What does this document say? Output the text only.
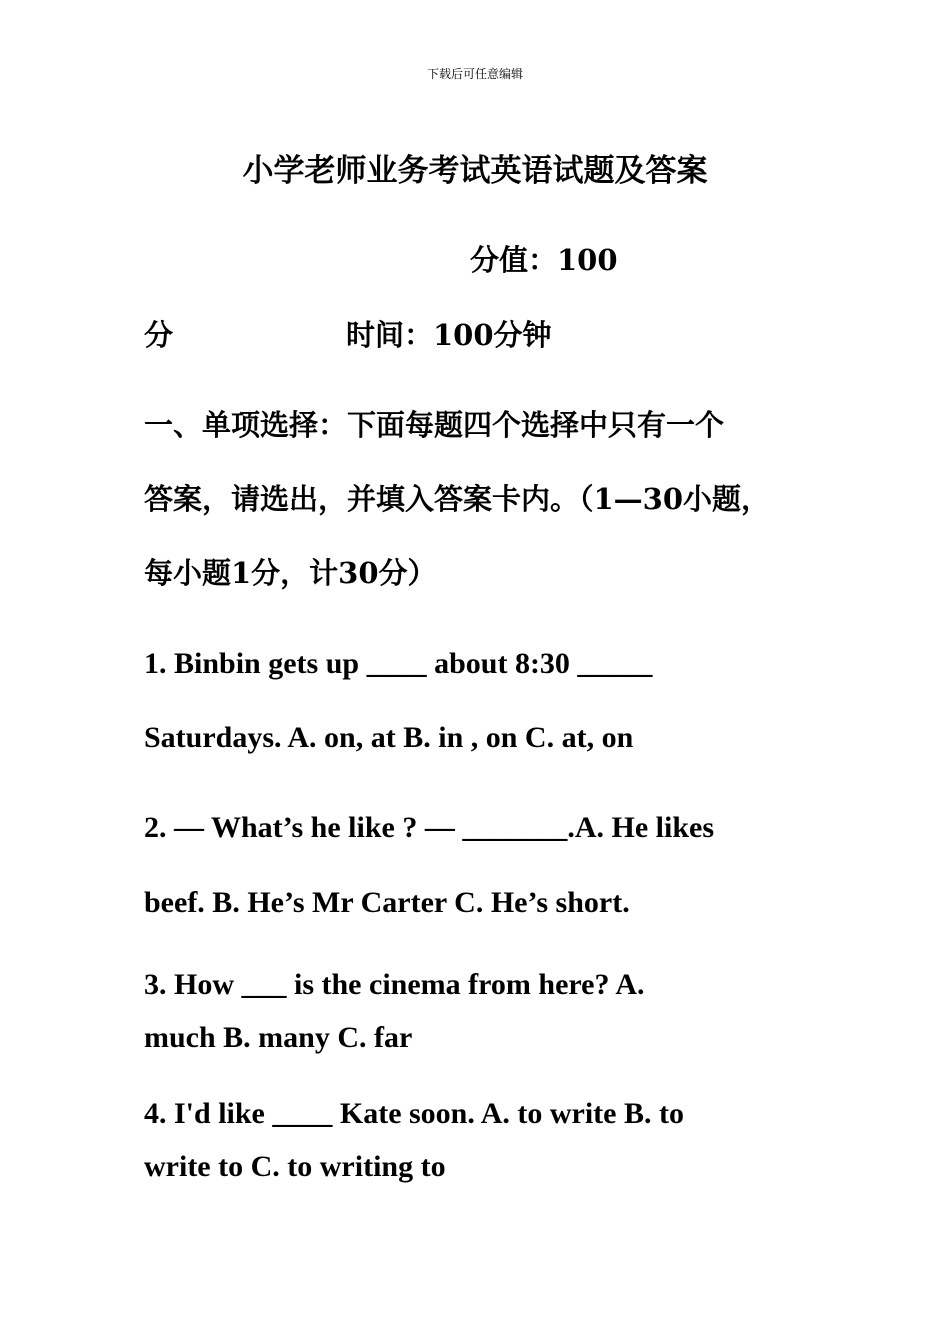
下载后可任意编辑
小学老师业务考试英语试题及答案
分值：100
分	时间：100分钟
一、单项选择：下面每题四个选择中只有一个
答案，请选出，并填入答案卡内。（1—30小题，
每小题1分，计30分）
1. Binbin gets up ____ about 8:30 _____
Saturdays. A. on, at B. in , on C. at, on
2. — What’s he like ? — _______.A. He likes
beef. B. He’s Mr Carter C. He’s short.
3. How ___ is the cinema from here? A.
much B. many C. far
4. I'd like ____ Kate soon. A. to write B. to
write to C. to writing to
